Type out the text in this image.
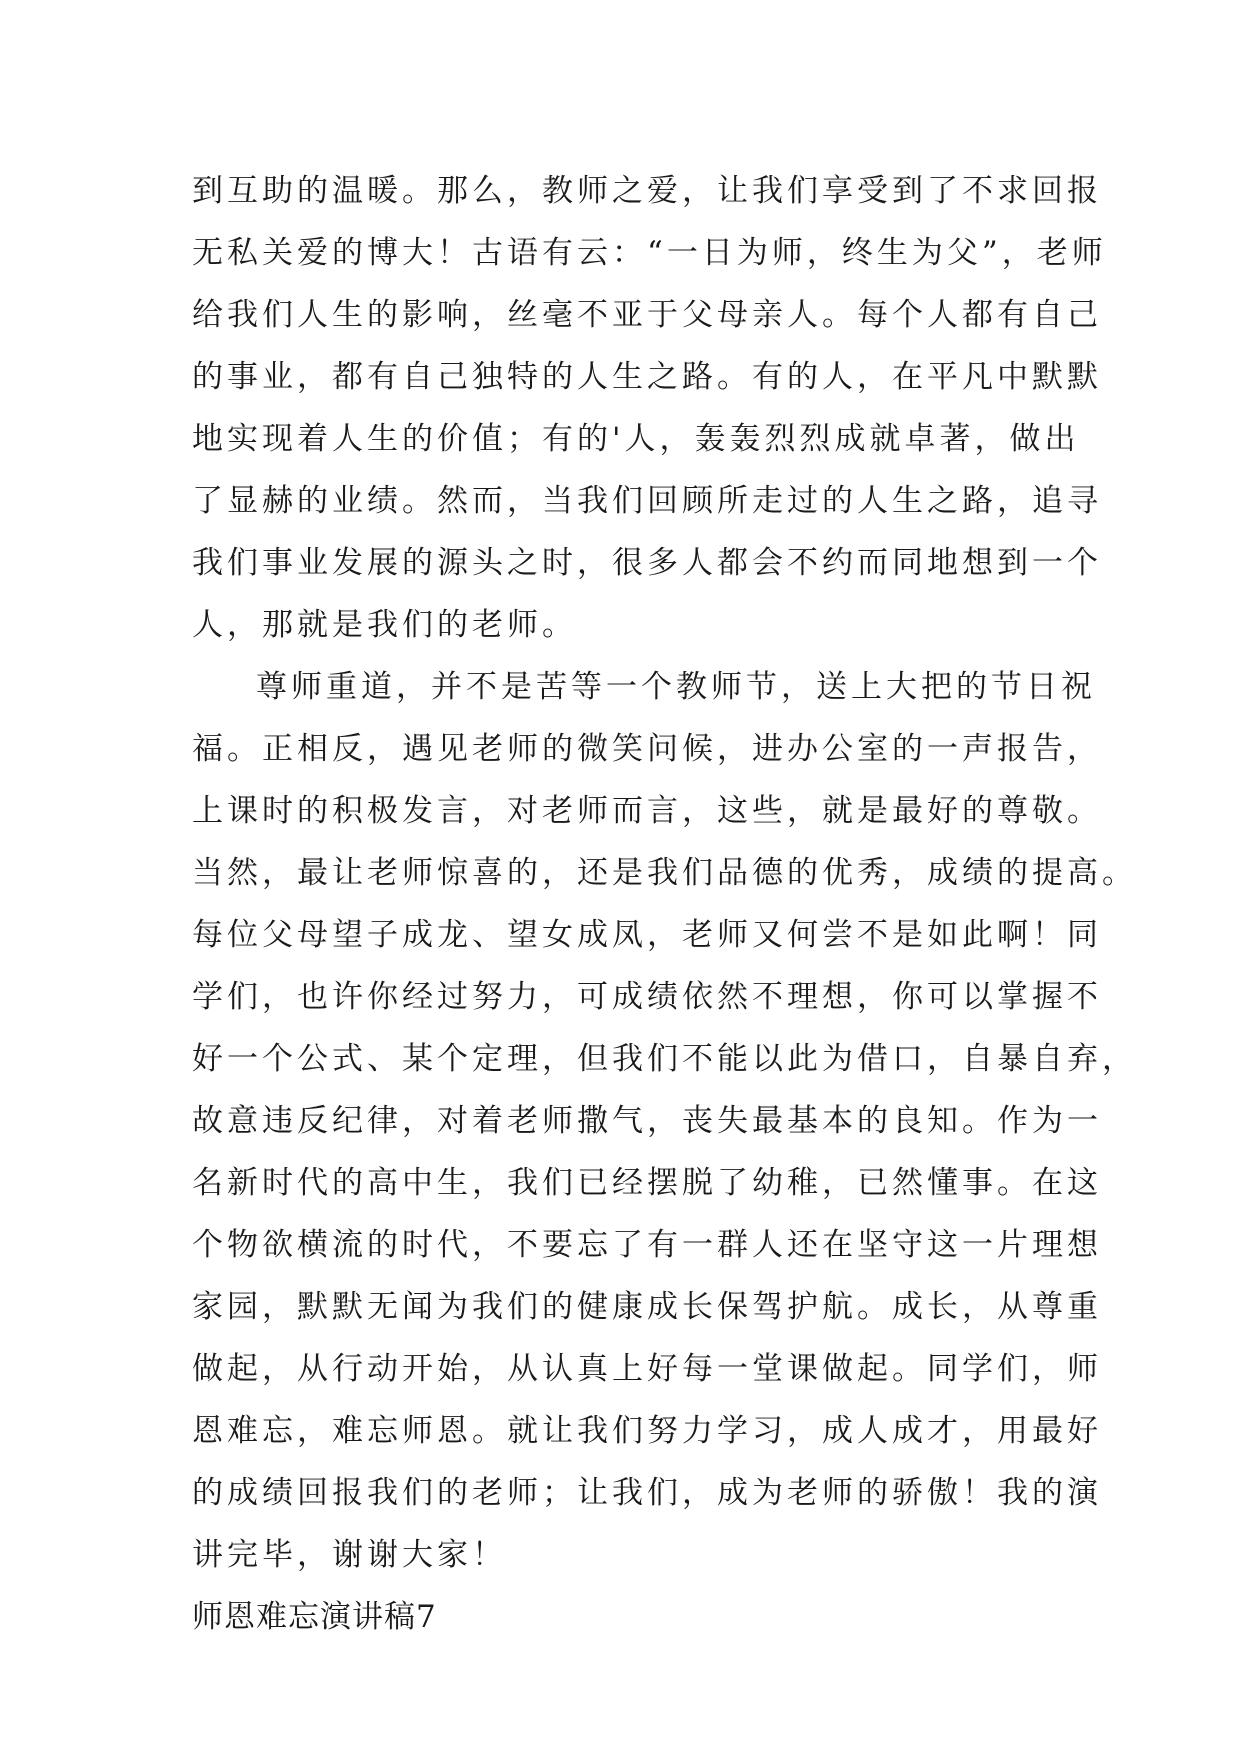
到互助的温暖。那么，教师之爱，让我们享受到了不求回报
无私关爱的博大！古语有云：“一日为师，终生为父”，老师
给我们人生的影响，丝毫不亚于父母亲人。每个人都有自己
的事业，都有自己独特的人生之路。有的人，在平凡中默默
地实现着人生的价值；有的'人，轰轰烈烈成就卓著，做出
了显赫的业绩。然而，当我们回顾所走过的人生之路，追寻
我们事业发展的源头之时，很多人都会不约而同地想到一个
人，那就是我们的老师。
尊师重道，并不是苦等一个教师节，送上大把的节日祝
福。正相反，遇见老师的微笑问候，进办公室的一声报告，
上课时的积极发言，对老师而言，这些，就是最好的尊敬。
当然，最让老师惊喜的，还是我们品德的优秀，成绩的提高。
每位父母望子成龙、望女成凤，老师又何尝不是如此啊！同
学们，也许你经过努力，可成绩依然不理想，你可以掌握不
好一个公式、某个定理，但我们不能以此为借口，自暴自弃，
故意违反纪律，对着老师撒气，丧失最基本的良知。作为一
名新时代的高中生，我们已经摆脱了幼稚，已然懂事。在这
个物欲横流的时代，不要忘了有一群人还在坚守这一片理想
家园，默默无闻为我们的健康成长保驾护航。成长，从尊重
做起，从行动开始，从认真上好每一堂课做起。同学们，师
恩难忘，难忘师恩。就让我们努力学习，成人成才，用最好
的成绩回报我们的老师；让我们，成为老师的骄傲！我的演
讲完毕，谢谢大家！
师恩难忘演讲稿7
